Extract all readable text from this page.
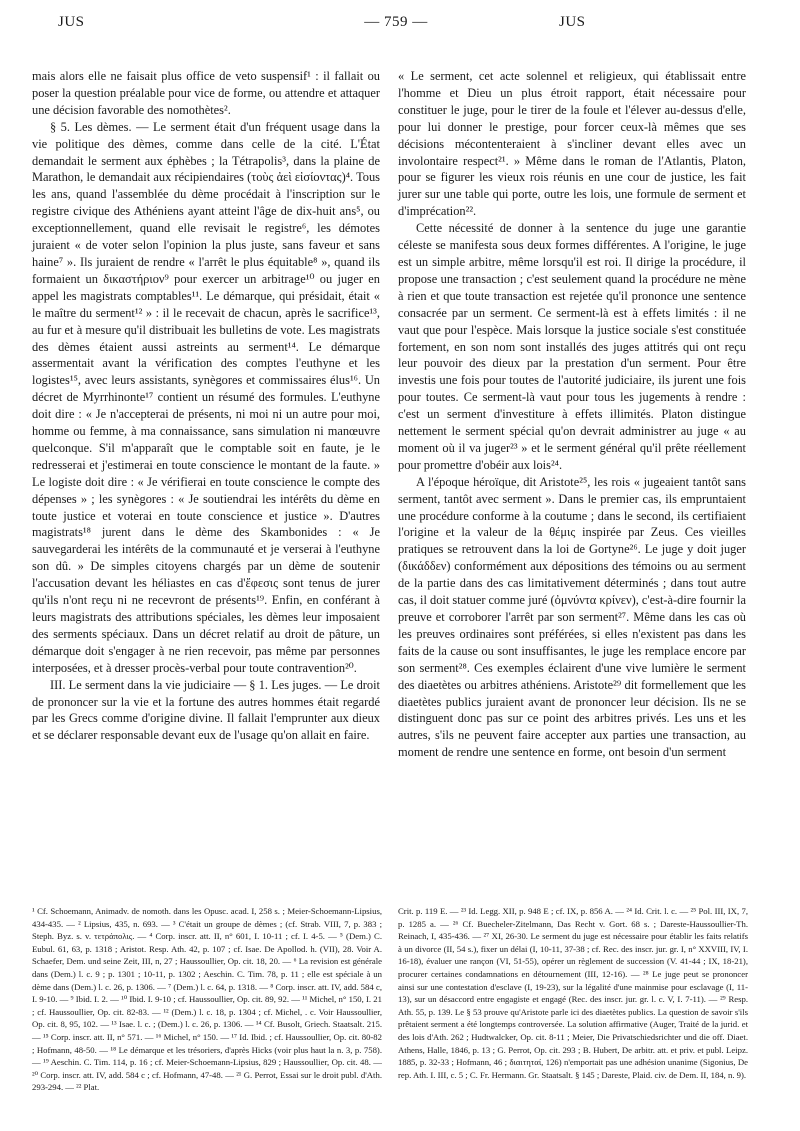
JUS	— 759 —	JUS

mais alors elle ne faisait plus office de veto suspensif¹ : il fallait ou poser la question préalable pour vice de forme, ou attendre et attaquer une décision favorable des nomothètes².

§ 5. Les dèmes. — Le serment était d'un fréquent usage dans la vie politique des dèmes, comme dans celle de la cité. L'État demandait le serment aux éphèbes ; la Tétrapolis³, dans la plaine de Marathon, le demandait aux récipiendaires (τοὺς ἀεὶ εἰσίοντας)⁴. Tous les ans, quand l'assemblée du dème procédait à l'inscription sur le registre civique des Athéniens ayant atteint l'âge de dix-huit ans⁵, ou exceptionnellement, quand elle revisait le registre⁶, les démotes juraient « de voter selon l'opinion la plus juste, sans faveur et sans haine⁷ ». Ils juraient de rendre « l'arrêt le plus équitable⁸ », quand ils formaient un δικαστήριον⁹ pour exercer un arbitrage¹⁰ ou juger en appel les magistrats comptables¹¹. Le démarque, qui présidait, était « le maître du serment¹² » : il le recevait de chacun, après le sacrifice¹³, au fur et à mesure qu'il distribuait les bulletins de vote. Les magistrats des dèmes étaient aussi astreints au serment¹⁴. Le démarque assermentait avant la vérification des comptes l'euthyne et les logistes¹⁵, avec leurs assistants, synègores et commissaires élus¹⁶. Un décret de Myrrhinonte¹⁷ contient un résumé des formules. L'euthyne doit dire : « Je n'accepterai de présents, ni moi ni un autre pour moi, homme ou femme, à ma connaissance, sans simulation ni manœuvre quelconque. S'il m'apparaît que le comptable soit en faute, je le redresserai et j'estimerai en toute conscience le montant de la faute. » Le logiste doit dire : « Je vérifierai en toute conscience le compte des dépenses » ; les synègores : « Je soutiendrai les intérêts du dème en toute justice et voterai en toute conscience et justice ». D'autres magistrats¹⁸ jurent dans le dème des Skambonides : « Je sauvegarderai les intérêts de la communauté et je verserai à l'euthyne son dû. » De simples citoyens chargés par un dème de soutenir l'accusation devant les héliastes en cas d'ἔφεσις sont tenus de jurer qu'ils n'ont reçu ni ne recevront de présents¹⁹. Enfin, en conférant à leurs magistrats des attributions spéciales, les dèmes leur imposaient des serments spéciaux. Dans un décret relatif au droit de pâture, un démarque doit s'engager à ne rien recevoir, pas même par personnes interposées, et à dresser procès-verbal pour toute contravention²⁰.

III. Le serment dans la vie judiciaire — § 1. Les juges. — Le droit de prononcer sur la vie et la fortune des autres hommes était regardé par les Grecs comme d'origine divine. Il fallait l'emprunter aux dieux et se déclarer responsable devant eux de l'usage qu'on allait en faire.

« Le serment, cet acte solennel et religieux, qui établissait entre l'homme et Dieu un plus étroit rapport, était nécessaire pour constituer le juge, pour le tirer de la foule et l'élever au-dessus d'elle, pour lui donner le prestige, pour forcer ceux-là mêmes que ses décisions mécontenteraient à s'incliner devant elles avec un involontaire respect²¹. » Même dans le roman de l'Atlantis, Platon, pour se figurer les vieux rois réunis en une cour de justice, les fait jurer sur une table qui porte, outre les lois, une formule de serment et d'imprécation²².

Cette nécessité de donner à la sentence du juge une garantie céleste se manifesta sous deux formes différentes. A l'origine, le juge est un simple arbitre, même lorsqu'il est roi. Il dirige la procédure, il propose une transaction ; c'est seulement quand la procédure ne mène à rien et que toute transaction est rejetée qu'il prononce une sentence consacrée par un serment. Ce serment-là est à effets limités : il ne vaut que pour l'espèce. Mais lorsque la justice sociale s'est constituée fortement, en son nom sont installés des juges attitrés qui ont reçu leur pouvoir des dieux par la prestation d'un serment. Pour être investis une fois pour toutes de l'autorité judiciaire, ils jurent une fois pour toutes. Ce serment-là vaut pour tous les jugements à rendre : c'est un serment d'investiture à effets illimités. Platon distingue nettement le serment spécial qu'on devrait administrer au juge « au moment où il va juger²³ » et le serment général qu'il prête réellement pour promettre d'obéir aux lois²⁴.

A l'époque héroïque, dit Aristote²⁵, les rois « jugeaient tantôt sans serment, tantôt avec serment ». Dans le premier cas, ils empruntaient une procédure conforme à la coutume ; dans le second, ils certifiaient l'origine et la valeur de la θέμις inspirée par Zeus. Ces vieilles pratiques se retrouvent dans la loi de Gortyne²⁶. Le juge y doit juger (δικάδδεν) conformément aux dépositions des témoins ou au serment de la partie dans des cas limitativement déterminés ; dans tout autre cas, il doit statuer comme juré (ὀμνύντα κρίνεν), c'est-à-dire fournir la preuve et corroborer l'arrêt par son serment²⁷. Même dans les cas où les preuves ordinaires sont préférées, si elles n'existent pas dans les faits de la cause ou sont insuffisantes, le juge les remplace encore par son serment²⁸. Ces exemples éclairent d'une vive lumière le serment des diaetètes ou arbitres athéniens. Aristote²⁹ dit formellement que les diaetètes publics juraient avant de prononcer leur décision. Ils ne se distinguent donc pas sur ce point des arbitres privés. Les uns et les autres, s'ils ne peuvent faire accepter aux parties une transaction, au moment de rendre une sentence en forme, ont besoin d'un serment

¹ Cf. Schoemann, Animadv. de nomoth. dans les Opusc. acad. I, 258 s. ; Meier-Schoemann-Lipsius, 434-435. — ² Lipsius, 435, n. 693. — ³ C'était un groupe de dèmes ; (cf. Strab. VIII, 7, p. 383 ; Steph. Byz. s. v. τετράπολις. — ⁴ Corp. inscr. att. II, n° 601, I. 10-11 ; cf. I. 4-5. — ⁵ (Dem.) C. Eubul. 61, 63, p. 1318 ; Aristot. Resp. Ath. 42, p. 107 ; cf. Isae. De Apollod. h. (VII), 28. Voir A. Schaefer, Dem. und seine Zeit, III, n, 27 ; Haussoullier, Op. cit. 18, 20. — ⁶ La revision est générale dans (Dem.) l. c. 9 ; p. 1301 ; 10-11, p. 1302 ; Aeschin. C. Tim. 78, p. 11 ; elle est spéciale à un dème dans (Dem.) l. c. 26, p. 1306. — ⁷ (Dem.) l. c. 64, p. 1318. — ⁸ Corp. inscr. att. IV, add. 584 c, I. 9-10. — ⁹ Ibid. I. 2. — ¹⁰ Ibid. I. 9-10 ; cf. Haussoullier, Op. cit. 89, 92. — ¹¹ Michel, n° 150, I. 21 ; cf. Haussoullier, Op. cit. 82-83. — ¹² (Dem.) l. c. 18, p. 1304 ; cf. Michel, . c. Voir Haussoullier, Op. cit. 8, 95, 102. — ¹³ Isae. l. c. ; (Dem.) l. c. 26, p. 1306. — ¹⁴ Cf. Busolt, Griech. Staatsalt. 215. — ¹⁵ Corp. inscr. att. II, n° 571. — ¹⁶ Michel, n° 150. — ¹⁷ Id. Ibid. ; cf. Haussoullier, Op. cit. 80-82 ; Hofmann, 48-50. — ¹⁸ Le démarque et les trésoriers, d'après Hicks (voir plus haut la n. 3, p. 758). — ¹⁹ Aeschin. C. Tim. 114, p. 16 ; cf. Meier-Schoemann-Lipsius, 829 ; Haussoullier, Op. cit. 48. — ²⁰ Corp. inscr. att. IV, add. 584 c ; cf. Hofmann, 47-48. — ²¹ G. Perrot, Essai sur le droit publ. d'Ath. 293-294. — ²² Plat.
Crit. p. 119 E. — ²³ Id. Legg. XII, p. 948 E ; cf. IX, p. 856 A. — ²⁴ Id. Crit. l. c. — ²⁵ Pol. III, IX, 7, p. 1285 a. — ²⁶ Cf. Buecheler-Zitelmann, Das Recht v. Gort. 68 s. ; Dareste-Haussoullier-Th. Reinach, I, 435-436. — ²⁷ XI, 26-30. Le serment du juge est nécessaire pour établir les faits relatifs à un divorce (II, 54 s.), fixer un délai (I, 10-11, 37-38 ; cf. Rec. des inscr. jur. gr. I, n° XXVIII, IV, I. 16-18), évaluer une rançon (VI, 51-55), opérer un règlement de succession (V. 41-44 ; IX, 18-21), procurer certaines condamnations en détournement (III, 12-16). — ²⁸ Le juge peut se prononcer ainsi sur une contestation d'esclave (I, 19-23), sur la légalité d'une mainmise pour esclavage (I, 11-13), sur un désaccord entre engagiste et engagé (Rec. des inscr. jur. gr. l. c. V, I. 7-11). — ²⁹ Resp. Ath. 55, p. 139. Le § 53 prouve qu'Aristote parle ici des diaetètes publics. La question de savoir s'ils prêtaient serment a été longtemps controversée. La solution affirmative (Auger, Traité de la jurid. et des lois d'Ath. 262 ; Hudtwalcker, Op. cit. 8-11 ; Meier, Die Privatschiedsrichter und die off. Diaet. Athens, Halle, 1846, p. 13 ; G. Perrot, Op. cit. 293 ; B. Hubert, De arbitr. att. et priv. et publ. Leipz. 1885, p. 32-33 ; Hofmann, 46 ; διαιτηταί, 126) n'emportait pas une adhésion unanime (Sigonius, De rep. Ath. I. III, c. 5 ; C. Fr. Hermann. Gr. Staatsalt. § 145 ; Dareste, Plaid. civ. de Dem. II, 184, n. 9).
